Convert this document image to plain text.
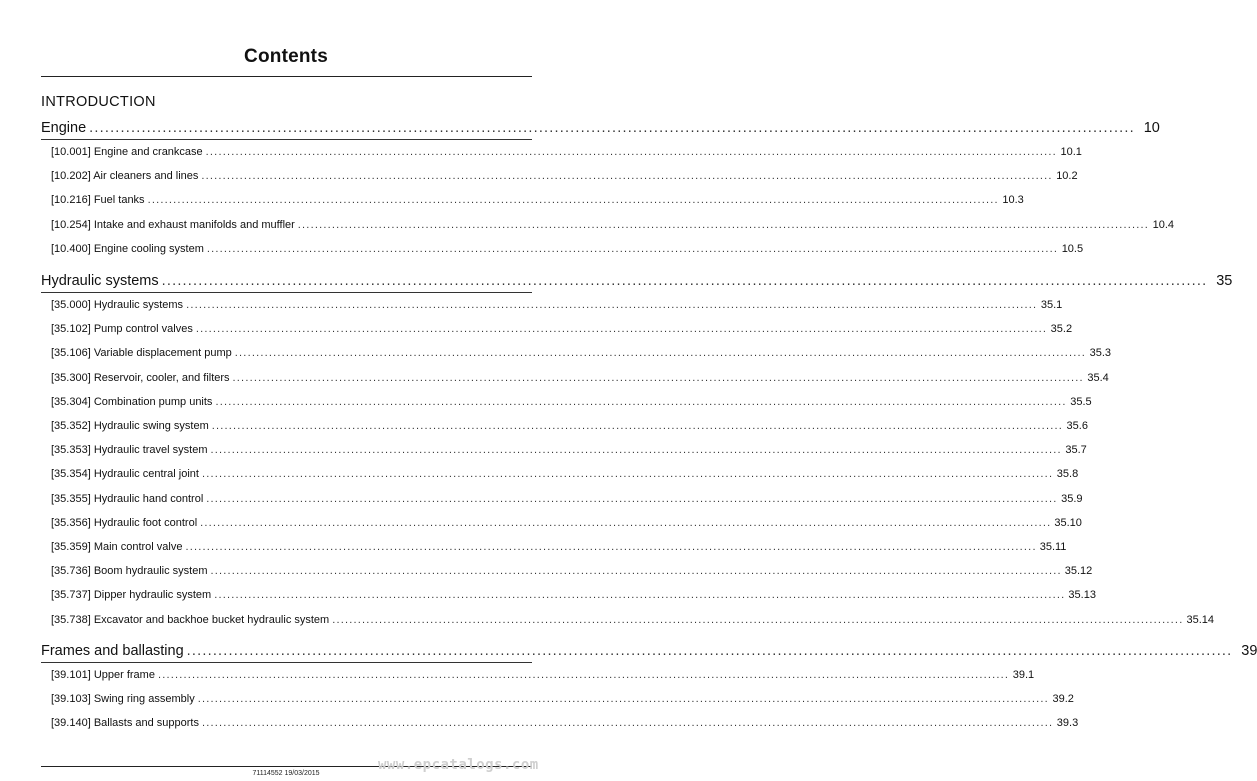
Contents
INTRODUCTION
Engine ........................................................................................................................................................................................................ 10
[10.001] Engine and crankcase ........................................................................................................................................................................................................ 10.1
[10.202] Air cleaners and lines ........................................................................................................................................................................................................ 10.2
[10.216] Fuel tanks ........................................................................................................................................................................................................ 10.3
[10.254] Intake and exhaust manifolds and muffler ........................................................................................................................................................................................................ 10.4
[10.400] Engine cooling system ........................................................................................................................................................................................................ 10.5
Hydraulic systems ........................................................................................................................................................................................................ 35
[35.000] Hydraulic systems ........................................................................................................................................................................................................ 35.1
[35.102] Pump control valves ........................................................................................................................................................................................................ 35.2
[35.106] Variable displacement pump ........................................................................................................................................................................................................ 35.3
[35.300] Reservoir, cooler, and filters ........................................................................................................................................................................................................ 35.4
[35.304] Combination pump units ........................................................................................................................................................................................................ 35.5
[35.352] Hydraulic swing system ........................................................................................................................................................................................................ 35.6
[35.353] Hydraulic travel system ........................................................................................................................................................................................................ 35.7
[35.354] Hydraulic central joint ........................................................................................................................................................................................................ 35.8
[35.355] Hydraulic hand control ........................................................................................................................................................................................................ 35.9
[35.356] Hydraulic foot control ........................................................................................................................................................................................................ 35.10
[35.359] Main control valve ........................................................................................................................................................................................................ 35.11
[35.736] Boom hydraulic system ........................................................................................................................................................................................................ 35.12
[35.737] Dipper hydraulic system ........................................................................................................................................................................................................ 35.13
[35.738] Excavator and backhoe bucket hydraulic system ........................................................................................................................................................................................................ 35.14
Frames and ballasting ........................................................................................................................................................................................................ 39
[39.101] Upper frame ........................................................................................................................................................................................................ 39.1
[39.103] Swing ring assembly ........................................................................................................................................................................................................ 39.2
[39.140] Ballasts and supports ........................................................................................................................................................................................................ 39.3
www.epcatalogs.com
71114552 19/03/2015
